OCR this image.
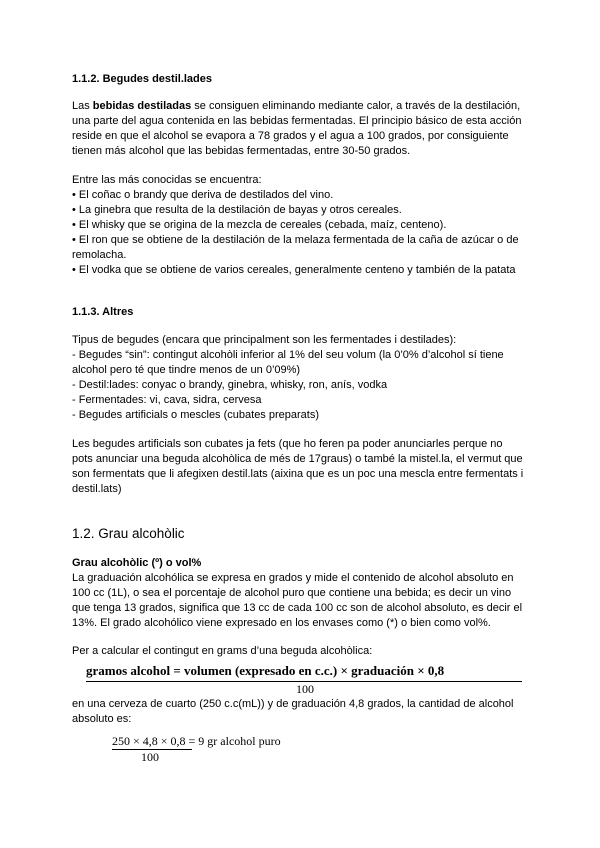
1.1.2. Begudes destil.lades
Las bebidas destiladas se consiguen eliminando mediante calor, a través de la destilación,
una parte del agua contenida en las bebidas fermentadas. El principio básico de esta acción
reside en que el alcohol se evapora a 78 grados y el agua a 100 grados, por consiguiente
tienen más alcohol que las bebidas fermentadas, entre 30-50 grados.
Entre las más conocidas se encuentra:
• El coñac o brandy que deriva de destilados del vino.
• La ginebra que resulta de la destilación de bayas y otros cereales.
• El whisky que se origina de la mezcla de cereales (cebada, maíz, centeno).
• El ron que se obtiene de la destilación de la melaza fermentada de la caña de azúcar o de
remolacha.
• El vodka que se obtiene de varios cereales, generalmente centeno y también de la patata
1.1.3. Altres
Tipus de begudes (encara que principalment son les fermentades i destilades):
- Begudes “sin”: contingut alcohòli inferior al 1% del seu volum (la 0’0% d’alcohol sí tiene
alcohol pero té que tindre menos de un 0’09%)
- Destil:lades: conyac o brandy, ginebra, whisky, ron, anís, vodka
- Fermentades: vi, cava, sidra, cervesa
- Begudes artificials o mescles (cubates preparats)
Les begudes artificials son cubates ja fets (que ho feren pa poder anunciarles perque no
pots anunciar una beguda alcohòlica de més de 17graus) o també la mistel.la, el vermut que
son fermentats que li afegixen destil.lats (aixina que es un poc una mescla entre fermentats i
destil.lats)
1.2. Grau alcohòlic
Grau alcohòlic (º) o vol%
La graduación alcohólica se expresa en grados y mide el contenido de alcohol absoluto en
100 cc (1L), o sea el porcentaje de alcohol puro que contiene una bebida; es decir un vino
que tenga 13 grados, significa que 13 cc de cada 100 cc son de alcohol absoluto, es decir el
13%. El grado alcohólico viene expresado en los envases como (*) o bien como vol%.
Per a calcular el contingut en grams d’una beguda alcohòlica:
gramos alcohol = volumen (expresado en c.c.) × graduación × 0,8
100
en una cerveza de cuarto (250 c.c(mL)) y de graduación 4,8 grados, la cantidad de alcohol
absoluto es:
250 × 4,8 × 0,8 = 9 gr alcohol puro
100
